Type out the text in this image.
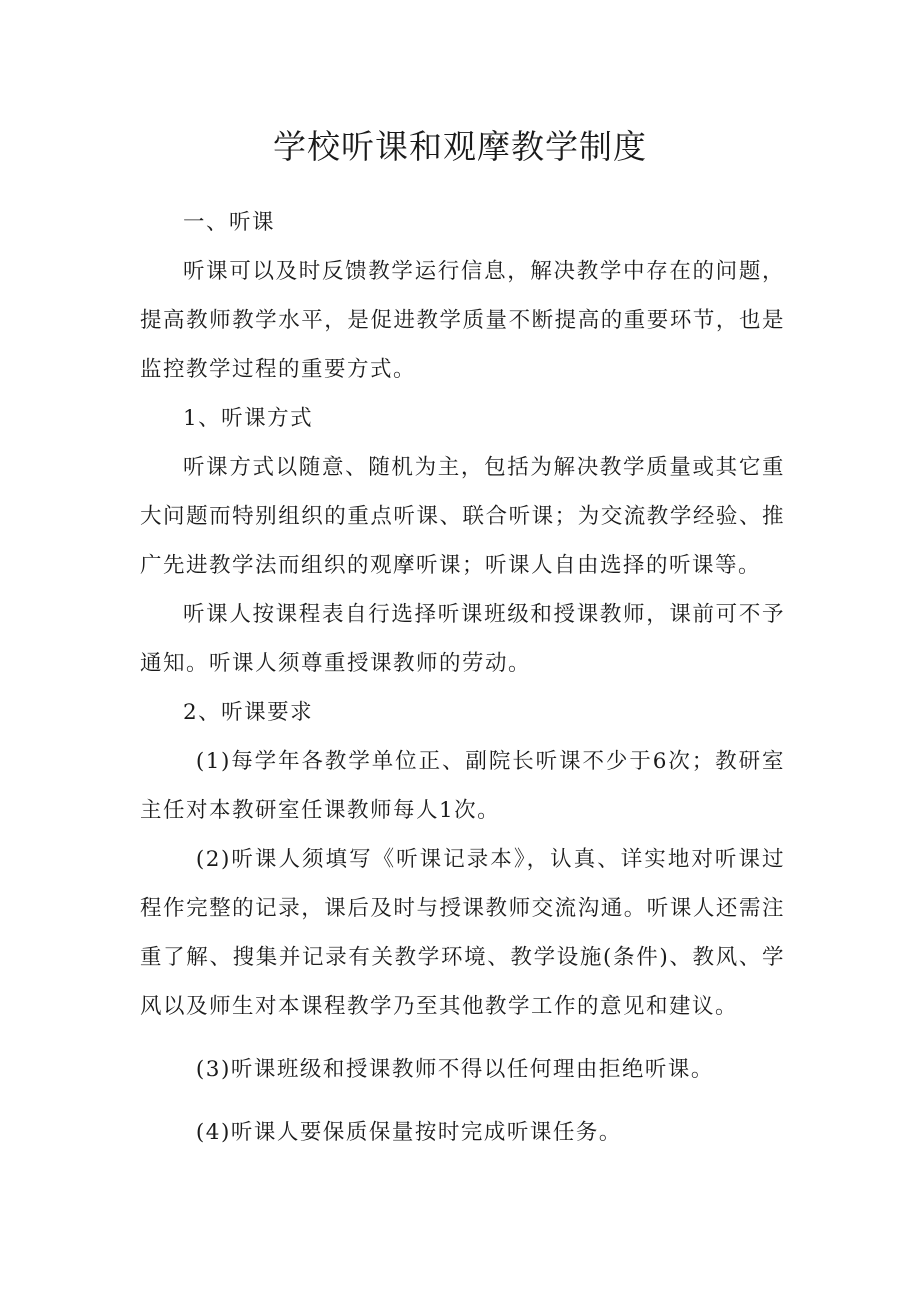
学校听课和观摩教学制度

一、听课

听课可以及时反馈教学运行信息，解决教学中存在的问题，提高教师教学水平，是促进教学质量不断提高的重要环节，也是监控教学过程的重要方式。

1、听课方式

听课方式以随意、随机为主，包括为解决教学质量或其它重大问题而特别组织的重点听课、联合听课；为交流教学经验、推广先进教学法而组织的观摩听课；听课人自由选择的听课等。

听课人按课程表自行选择听课班级和授课教师，课前可不予通知。听课人须尊重授课教师的劳动。

2、听课要求

(1)每学年各教学单位正、副院长听课不少于6次；教研室主任对本教研室任课教师每人1次。

(2)听课人须填写《听课记录本》，认真、详实地对听课过程作完整的记录，课后及时与授课教师交流沟通。听课人还需注重了解、搜集并记录有关教学环境、教学设施(条件)、教风、学风以及师生对本课程教学乃至其他教学工作的意见和建议。

(3)听课班级和授课教师不得以任何理由拒绝听课。

(4)听课人要保质保量按时完成听课任务。
